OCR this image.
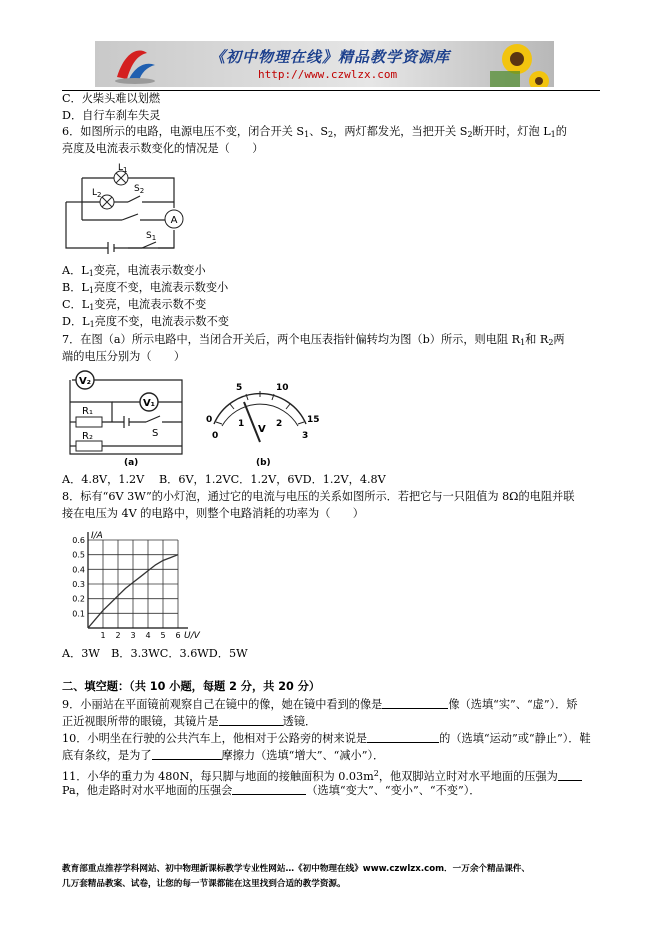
《初中物理在线》精品教学资源库
http://www.czwlzx.com
C．火柴头难以划燃
D．自行车刹车失灵
6．如图所示的电路，电源电压不变，闭合开关 $S_1$、$S_2$，两灯都发光，当把开关 $S_2$断开时，灯泡 $L_1$的
亮度及电流表示数变化的情况是（　　）
A
$L_1$
$L_2$
$S_2$
$S_1$
A．$L_1$变亮，电流表示数变小
B．$L_1$亮度不变，电流表示数变小
C．$L_1$变亮，电流表示数不变
D．$L_1$亮度不变，电流表示数不变
7．在图（a）所示电路中，当闭合开关后，两个电压表指针偏转均为图（b）所示，则电阻 $R_1$和 $R_2$两
端的电压分别为（　　）
V₂
V₁
R₁
R₂	S
(a)
0
5	10
15
0
1	2
3
V
(b)
A．4.8V，1.2V　 B．6V，1.2VC．1.2V，6VD．1.2V，4.8V
8．标有“6V 3W”的小灯泡，通过它的电流与电压的关系如图所示．若把它与一只阻值为 8Ω的电阻并联
接在电压为 4V 的电路中，则整个电路消耗的功率为（　　）
1 2 3 4 5 6
0.1
0.2
0.3
0.4
0.5
0.6 I/A
U/V
A．3W　B．3.3WC．3.6WD．5W
二、填空题：（共 10 小题，每题 2 分，共 20 分）
9．小丽站在平面镜前观察自己在镜中的像，她在镜中看到的像是	像（选填“实”、“虚”）．矫
正近视眼所带的眼镜，其镜片是	透镜．
10．小明坐在行驶的公共汽车上，他相对于公路旁的树来说是	的（选填“运动”或“静止”）．鞋
底有条纹，是为了	摩擦力（选填“增大”、“减小”）．
11．小华的重力为 480N，每只脚与地面的接触面积为 $0.03m^2$，他双脚站立时对水平地面的压强为
Pa，他走路时对水平地面的压强会	（选填“变大”、“变小”、“不变”）．
教育部重点推荐学科网站、初中物理新课标教学专业性网站…《初中物理在线》www.czwlzx.com．一万余个精品课件、
几万套精品教案、试卷，让您的每一节课都能在这里找到合适的教学资源。
